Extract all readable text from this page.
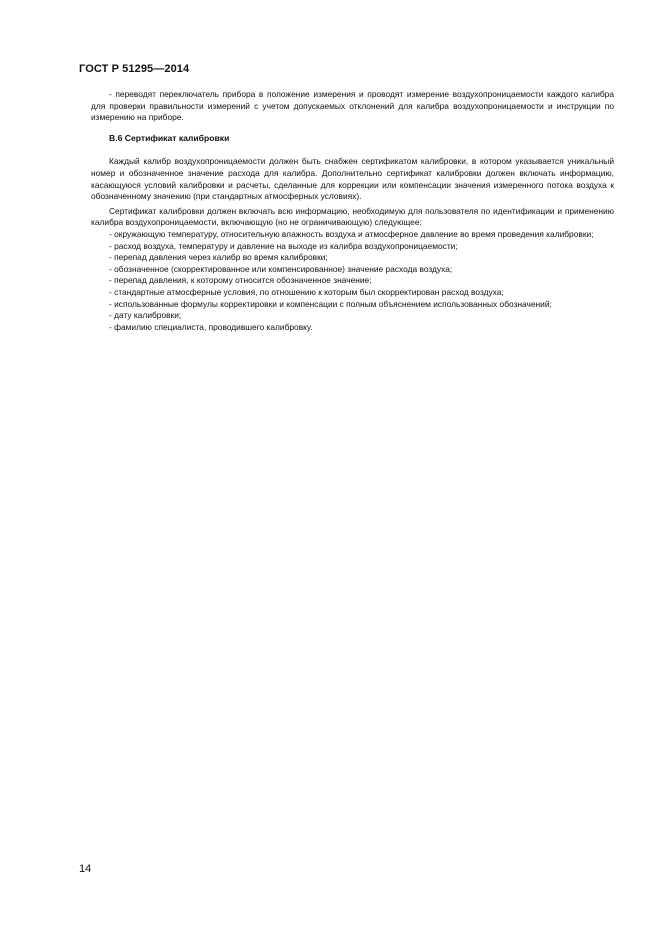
ГОСТ Р 51295—2014

- переводят переключатель прибора в положение измерения и проводят измерение воздухопроницаемости каждого калибра для проверки правильности измерений с учетом допускаемых отклонений для калибра воздухопроницаемости и инструкции по измерению на приборе.

В.6 Сертификат калибровки

Каждый калибр воздухопроницаемости должен быть снабжен сертификатом калибровки, в котором указывается уникальный номер и обозначенное значение расхода для калибра. Дополнительно сертификат калибровки должен включать информацию, касающуюся условий калибровки и расчеты, сделанные для коррекции или компенсации значения измеренного потока воздуха к обозначенному значению (при стандартных атмосферных условиях).

Сертификат калибровки должен включать всю информацию, необходимую для пользователя по идентификации и применению калибра воздухопроницаемости, включающую (но не ограничивающую) следующее:

- окружающую температуру, относительную влажность воздуха и атмосферное давление во время проведения калибровки;

- расход воздуха, температуру и давление на выходе из калибра воздухопроницаемости;

- перепад давления через калибр во время калибровки;

- обозначенное (скорректированное или компенсированное) значение расхода воздуха;

- перепад давления, к которому относится обозначенное значение;

- стандартные атмосферные условия, по отношению к которым был скорректирован расход воздуха;

- использованные формулы корректировки и компенсации с полным объяснением использованных обозначений;

- дату калибровки;

- фамилию специалиста, проводившего калибровку.

14
